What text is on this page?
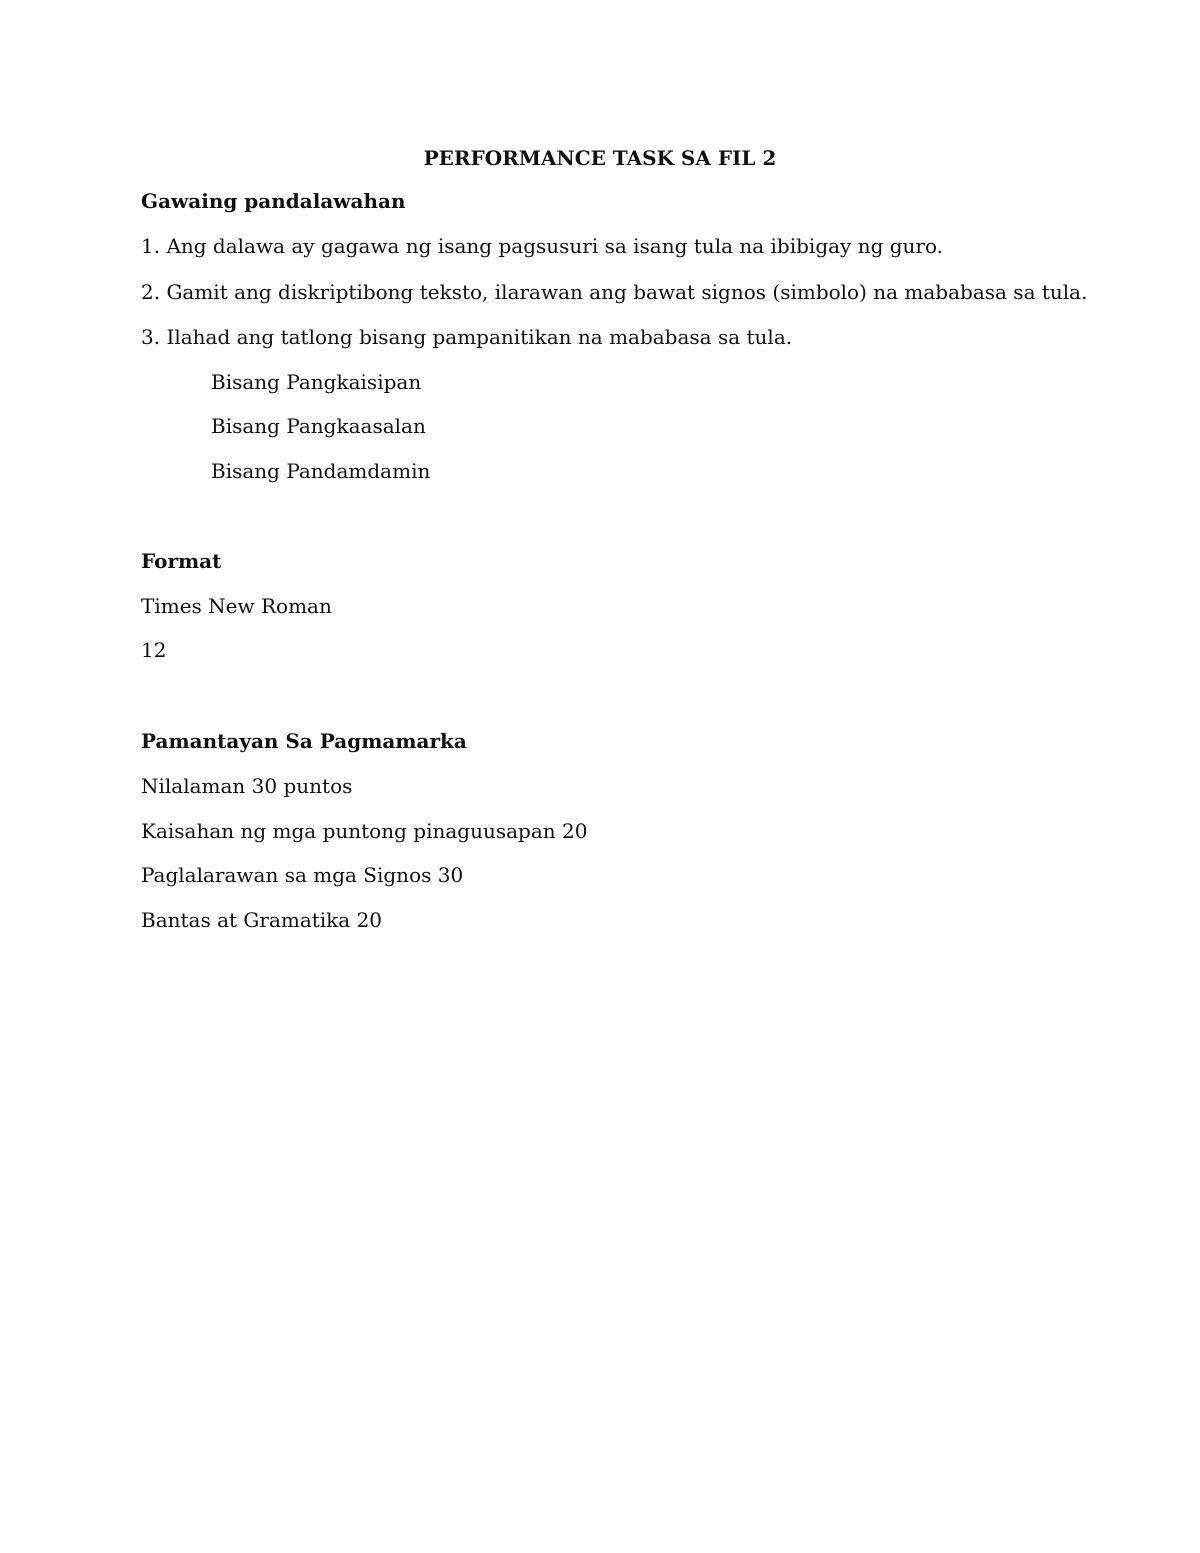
PERFORMANCE TASK SA FIL 2
Gawaing pandalawahan
1. Ang dalawa ay gagawa ng isang pagsusuri sa isang tula na ibibigay ng guro.
2. Gamit ang diskriptibong teksto, ilarawan ang bawat signos (simbolo) na mababasa sa tula.
3. Ilahad ang tatlong bisang pampanitikan na mababasa sa tula.
Bisang Pangkaisipan
Bisang Pangkaasalan
Bisang Pandamdamin
Format
Times New Roman
12
Pamantayan Sa Pagmamarka
Nilalaman 30 puntos
Kaisahan ng mga puntong pinaguusapan 20
Paglalarawan sa mga Signos 30
Bantas at Gramatika 20
